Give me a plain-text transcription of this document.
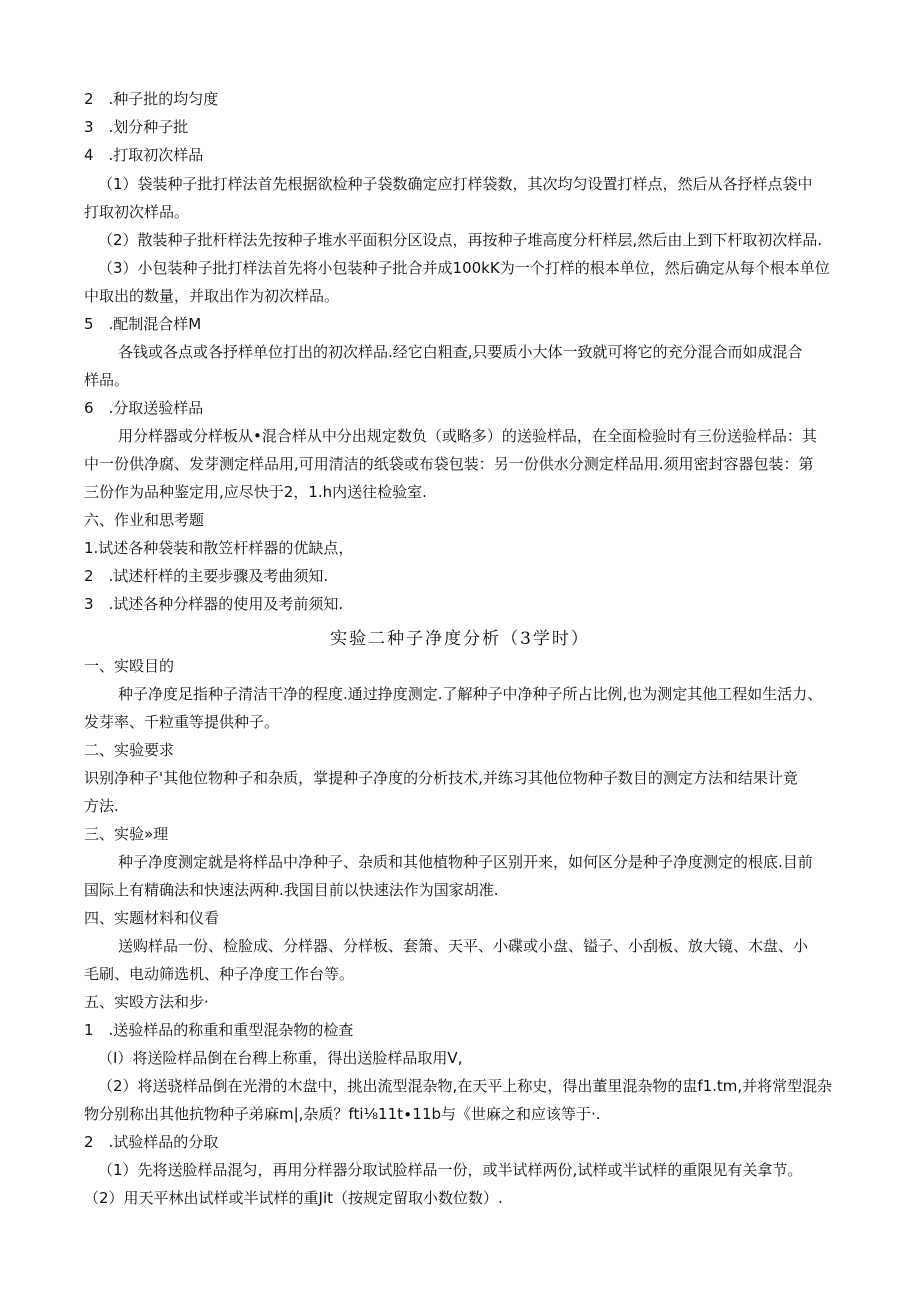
2　.种子批的均匀度
3　.划分种子批
4　.打取初次样品
（1）袋装种子批打样法首先根据欲检种子袋数确定应打样袋数，其次均匀设置打样点，然后从各抒样点袋中
打取初次样品。
（2）散装种子批杆样法先按种子堆水平面积分区设点，再按种子堆高度分杆样层,然后由上到下杆取初次样品.
（3）小包装种子批打样法首先将小包装种子批合并成100kK为一个打样的根本单位，然后确定从每个根本单位
中取出的数量，并取出作为初次样品。
5　.配制混合样M
各钱或各点或各抒样单位打出的初次样品.经它白粗查,只要质小大体一致就可将它的充分混合而如成混合
样品。
6　.分取送验样品
用分样器或分样板从•混合样从中分出规定数负（或略多）的送验样品，在全面检验时有三份送验样品：其
中一份供净腐、发芽测定样品用,可用清洁的纸袋或布袋包装：另一份供水分测定样品用.须用密封容器包装：第
三份作为品种鉴定用,应尽快于2，1.h内送往检验室.
六、作业和思考题
1.试述各种袋装和散笠杆样器的优缺点，
2　.试述杆样的主要步骤及考曲须知.
3　.试述各种分样器的使用及考前须知.
实验二种子净度分析（3学时）
一、实殴目的
种子净度足指种子清洁干净的程度.通过挣度测定.了解种子中净种子所占比例,也为测定其他工程如生活力、
发芽率、千粒重等提供种子。
二、实验要求
识别净种子'其他位物种子和杂质，掌提种子净度的分析技术,并练习其他位物种子数目的测定方法和结果计竟
方法.
三、实验»理
种子净度测定就是将样品中净种子、杂质和其他植物种子区别开来，如何区分是种子净度测定的根底.目前
国际上有精确法和快速法两种.我国目前以快速法作为国家胡准.
四、实题材料和仪看
送购样品一份、检脸成、分样器、分样板、套箫、天平、小碟或小盘、镒子、小刮板、放大镜、木盘、小
毛刷、电动筛选机、种子净度工作台等。
五、实殴方法和步·
1　.送验样品的称重和重型混杂物的检查
（I）将送险样品倒在台稗上称重，得出送脸样品取用V,
（2）将送骁样品倒在光滑的木盘中，挑出流型混杂物,在天平上称史，得出董里混杂物的盅f1.tm,并将常型混杂
物分别称出其他抗物种子弟麻m|,杂质？fti⅛11t∙11b与《世麻之和应该等于·.
2　.试验样品的分取
（1）先将送脸样品混匀，再用分样器分取试脸样品一份，或半试样两份,试样或半试样的重限见有关拿节。
（2）用天平林出试样或半试样的重Jit（按规定留取小数位数）.
